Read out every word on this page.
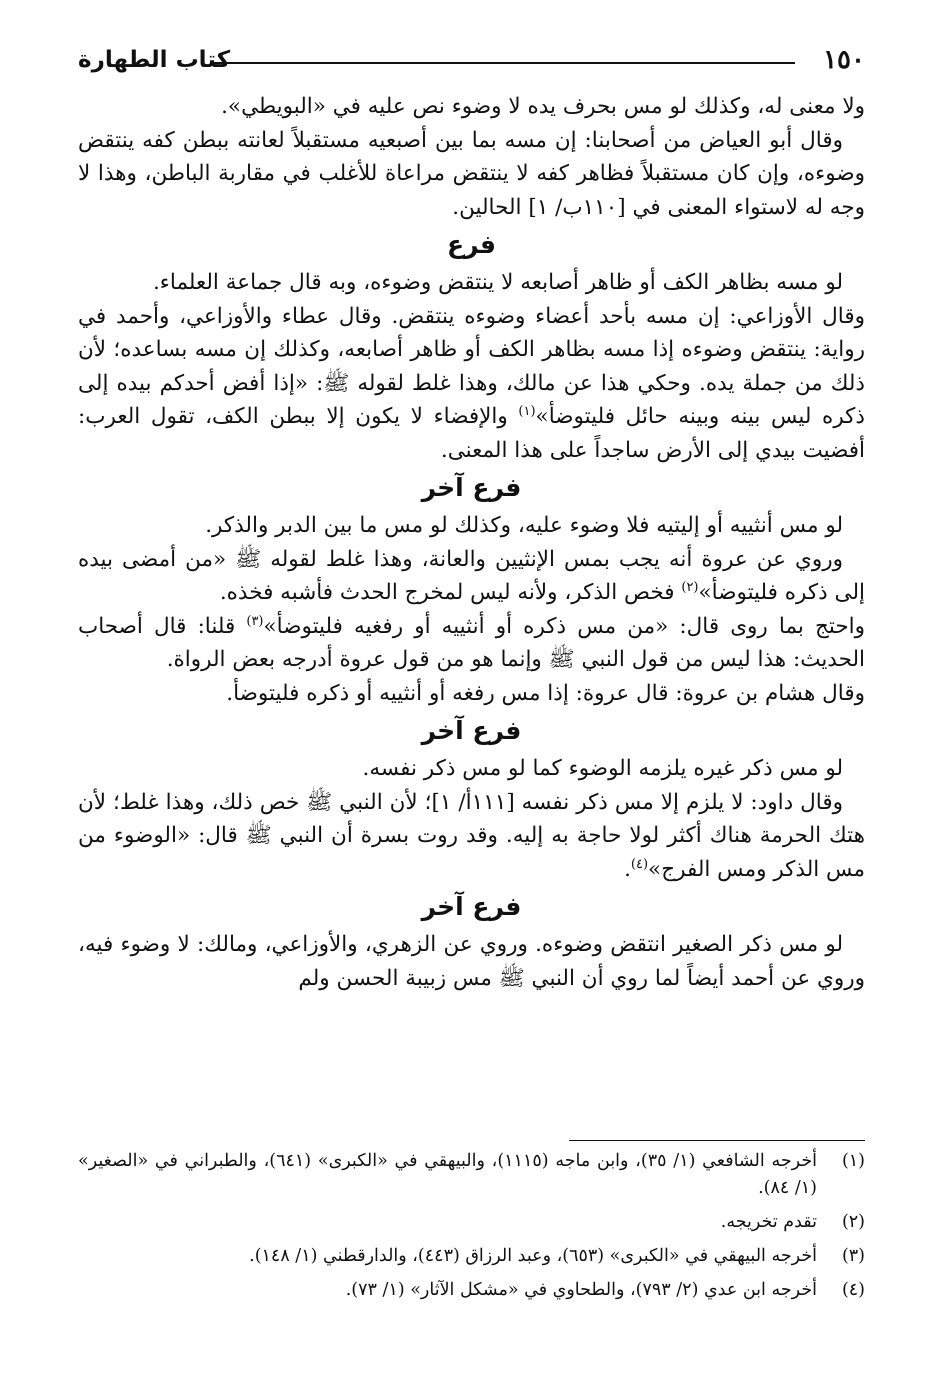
١٥٠
كتاب الطهارة

ولا معنى له، وكذلك لو مس بحرف يده لا وضوء نص عليه في «البويطي».

وقال أبو العياض من أصحابنا: إن مسه بما بين أصبعيه مستقبلاً لعانته ببطن كفه ينتقض وضوءه، وإن كان مستقبلاً فظاهر كفه لا ينتقض مراعاة للأغلب في مقاربة الباطن، وهذا لا وجه له لاستواء المعنى في [١١٠ب/ ١] الحالين.

فرع

لو مسه بظاهر الكف أو ظاهر أصابعه لا ينتقض وضوءه، وبه قال جماعة العلماء.

وقال الأوزاعي: إن مسه بأحد أعضاء وضوءه ينتقض. وقال عطاء والأوزاعي، وأحمد في رواية: ينتقض وضوءه إذا مسه بظاهر الكف أو ظاهر أصابعه، وكذلك إن مسه بساعده؛ لأن ذلك من جملة يده. وحكي هذا عن مالك، وهذا غلط لقوله ﷺ: «إذا أفض أحدكم بيده إلى ذكره ليس بينه وبينه حائل فليتوضأ»$^{(١)}$ والإفضاء لا يكون إلا ببطن الكف، تقول العرب: أفضيت بيدي إلى الأرض ساجداً على هذا المعنى.

فرع آخر

لو مس أنثييه أو إليتيه فلا وضوء عليه، وكذلك لو مس ما بين الدبر والذكر.

وروي عن عروة أنه يجب بمس الإنثيين والعانة، وهذا غلط لقوله ﷺ «من أمضى بيده إلى ذكره فليتوضأ»$^{(٢)}$ فخص الذكر، ولأنه ليس لمخرج الحدث فأشبه فخذه.

واحتج بما روى قال: «من مس ذكره أو أنثييه أو رفغيه فليتوضأ»$^{(٣)}$ قلنا: قال أصحاب الحديث: هذا ليس من قول النبي ﷺ وإنما هو من قول عروة أدرجه بعض الرواة.

وقال هشام بن عروة: قال عروة: إذا مس رفغه أو أنثييه أو ذكره فليتوضأ.

فرع آخر

لو مس ذكر غيره يلزمه الوضوء كما لو مس ذكر نفسه.

وقال داود: لا يلزم إلا مس ذكر نفسه [١١١أ/ ١]؛ لأن النبي ﷺ خص ذلك، وهذا غلط؛ لأن هتك الحرمة هناك أكثر لولا حاجة به إليه. وقد روت بسرة أن النبي ﷺ قال: «الوضوء من مس الذكر ومس الفرج»$^{(٤)}$.

فرع آخر

لو مس ذكر الصغير انتقض وضوءه. وروي عن الزهري، والأوزاعي، ومالك: لا وضوء فيه، وروي عن أحمد أيضاً لما روي أن النبي ﷺ مس زبيبة الحسن ولم

(١)
أخرجه الشافعي (١/ ٣٥)، وابن ماجه (١١١٥)، والبيهقي في «الكبرى» (٦٤١)، والطبراني في «الصغير» (١/ ٨٤).
(٢)
تقدم تخريجه.
(٣)
أخرجه البيهقي في «الكبرى» (٦٥٣)، وعبد الرزاق (٤٤٣)، والدارقطني (١/ ١٤٨).
(٤)
أخرجه ابن عدي (٢/ ٧٩٣)، والطحاوي في «مشكل الآثار» (١/ ٧٣).
